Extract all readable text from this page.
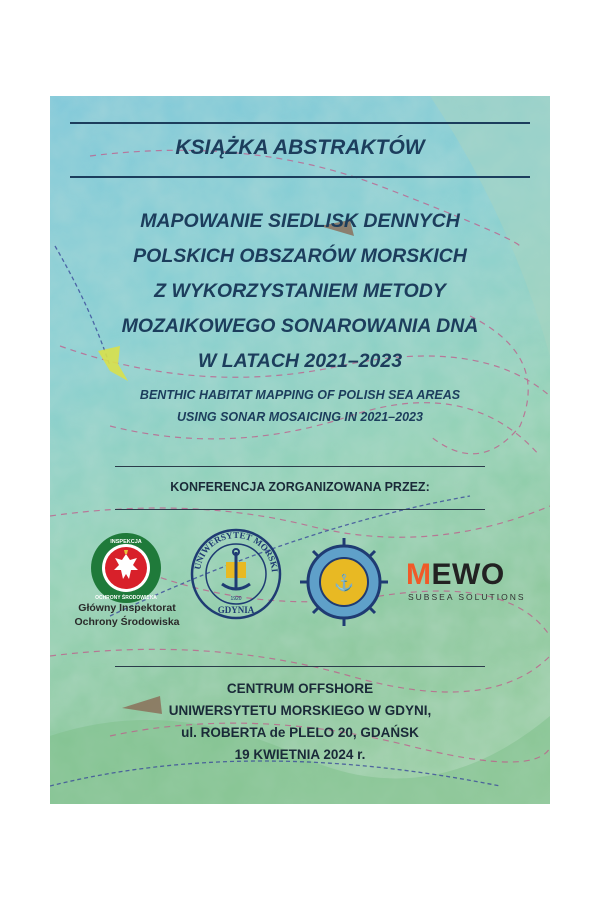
KSIĄŻKA ABSTRAKTÓW
MAPOWANIE SIEDLISK DENNYCH
POLSKICH OBSZARÓW MORSKICH
Z WYKORZYSTANIEM METODY
MOZAIKOWEGO SONAROWANIA DNA
W LATACH 2021–2023
BENTHIC HABITAT MAPPING OF POLISH SEA AREAS
USING SONAR MOSAICING IN 2021–2023
KONFERENCJA ZORGANIZOWANA PRZEZ:
INSPEKCJA
OCHRONY ŚRODOWISKA
Główny Inspektorat
Ochrony Środowiska
UNIWERSYTET MORSKI
GDYNIA
1920
⚓ MEWO
SUBSEA SOLUTIONS
CENTRUM OFFSHORE
UNIWERSYTETU MORSKIEGO W GDYNI,
ul. ROBERTA de PLELO 20, GDAŃSK
19 KWIETNIA 2024 r.
